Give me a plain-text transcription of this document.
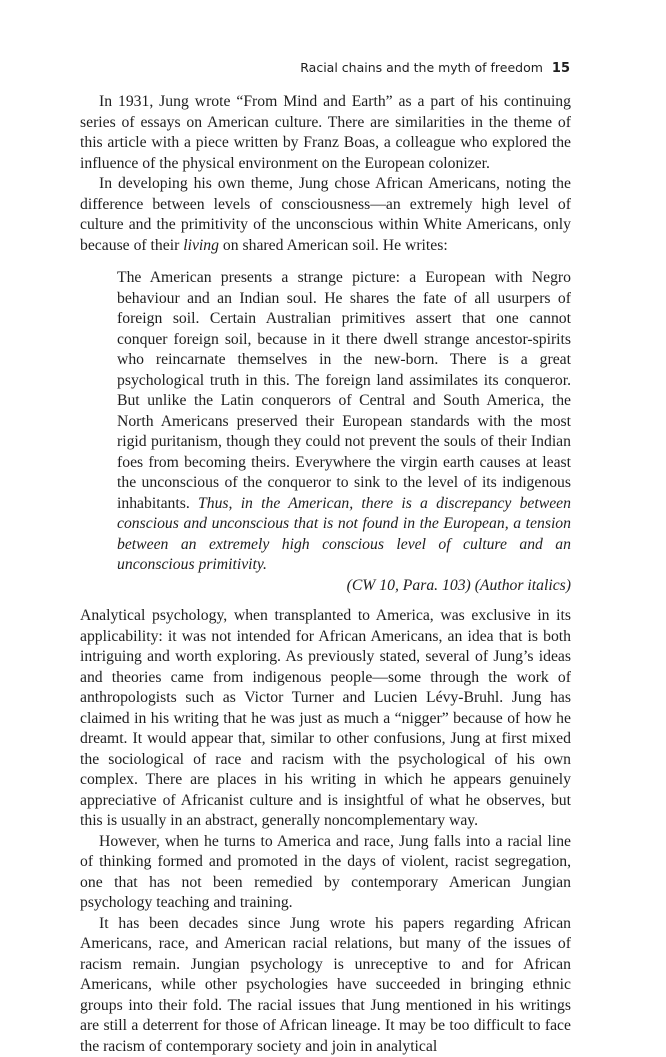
Racial chains and the myth of freedom 15

In 1931, Jung wrote “From Mind and Earth” as a part of his continuing series of essays on American culture. There are similarities in the theme of this article with a piece written by Franz Boas, a colleague who explored the influence of the physical environment on the European colonizer.

In developing his own theme, Jung chose African Americans, noting the difference between levels of consciousness—an extremely high level of culture and the primitivity of the unconscious within White Americans, only because of their living on shared American soil. He writes:

The American presents a strange picture: a European with Negro behaviour and an Indian soul. He shares the fate of all usurpers of foreign soil. Certain Australian primitives assert that one cannot conquer foreign soil, because in it there dwell strange ancestor-spirits who reincarnate themselves in the new-born. There is a great psychological truth in this. The foreign land assimilates its conqueror. But unlike the Latin conquerors of Central and South America, the North Americans preserved their European standards with the most rigid puritanism, though they could not prevent the souls of their Indian foes from becoming theirs. Everywhere the virgin earth causes at least the unconscious of the conqueror to sink to the level of its indigenous inhabitants. Thus, in the American, there is a discrepancy between conscious and unconscious that is not found in the European, a tension between an extremely high conscious level of culture and an unconscious primitivity.
(CW 10, Para. 103) (Author italics)

Analytical psychology, when transplanted to America, was exclusive in its applicability: it was not intended for African Americans, an idea that is both intriguing and worth exploring. As previously stated, several of Jung’s ideas and theories came from indigenous people—some through the work of anthropologists such as Victor Turner and Lucien Lévy-Bruhl. Jung has claimed in his writing that he was just as much a “nigger” because of how he dreamt. It would appear that, similar to other confusions, Jung at first mixed the sociological of race and racism with the psychological of his own complex. There are places in his writing in which he appears genuinely appreciative of Africanist culture and is insightful of what he observes, but this is usually in an abstract, generally noncomplementary way.

However, when he turns to America and race, Jung falls into a racial line of thinking formed and promoted in the days of violent, racist segregation, one that has not been remedied by contemporary American Jungian psychology teaching and training.

It has been decades since Jung wrote his papers regarding African Americans, race, and American racial relations, but many of the issues of racism remain. Jungian psychology is unreceptive to and for African Americans, while other psychologies have succeeded in bringing ethnic groups into their fold. The racial issues that Jung mentioned in his writings are still a deterrent for those of African lineage. It may be too difficult to face the racism of contemporary society and join in analytical
